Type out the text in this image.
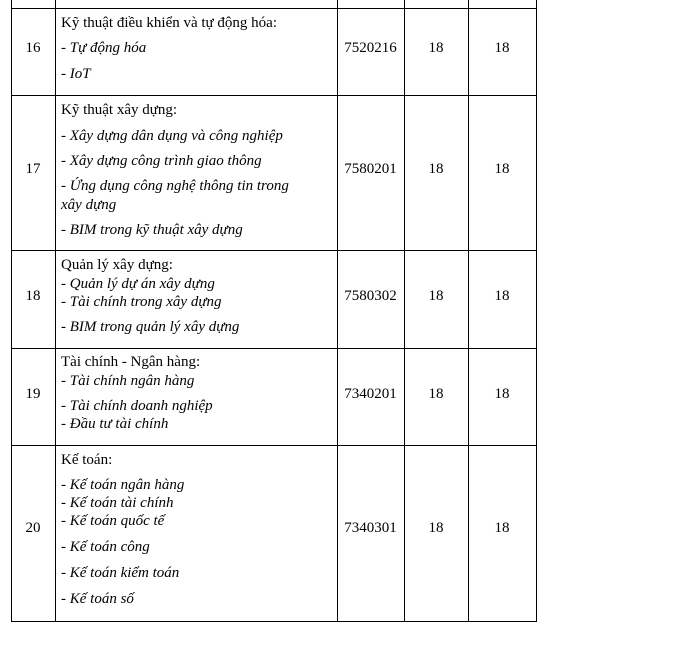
16
Kỹ thuật điều khiển và tự động hóa:
- Tự động hóa
- IoT
7520216	18	18
17
Kỹ thuật xây dựng:
- Xây dựng dân dụng và công nghiệp
- Xây dựng công trình giao thông
- Ứng dụng công nghệ thông tin trong
xây dựng
- BIM trong kỹ thuật xây dựng
7580201	18	18
18
Quản lý xây dựng:
- Quản lý dự án xây dựng
- Tài chính trong xây dựng
- BIM trong quản lý xây dựng
7580302	18	18
19
Tài chính - Ngân hàng:
- Tài chính ngân hàng
- Tài chính doanh nghiệp
- Đầu tư tài chính
7340201	18	18
20
Kế toán:
- Kế toán ngân hàng
- Kế toán tài chính
- Kế toán quốc tế
- Kế toán công
- Kế toán kiểm toán
- Kế toán số
7340301	18	18
